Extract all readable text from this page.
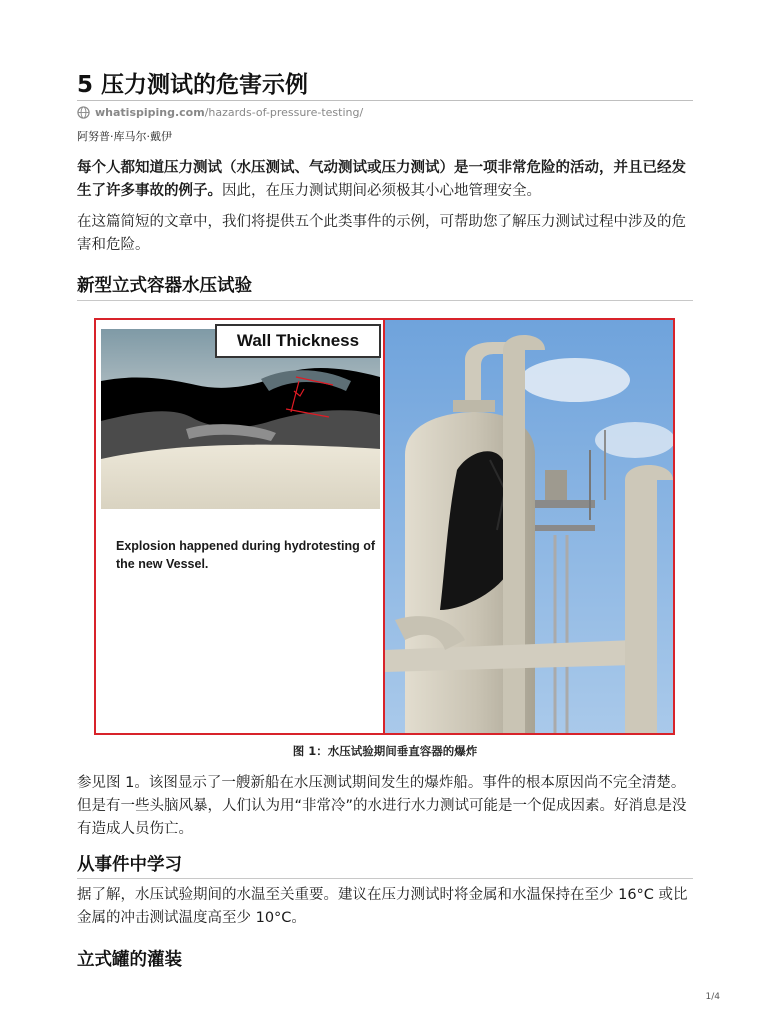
5 压力测试的危害示例
whatispiping.com /hazards-of-pressure-testing/
阿努普·库马尔·戴伊
每个人都知道压力测试（水压测试、气动测试或压力测试）是一项非常危险的活动，并且已经发生了许多事故的例子。因此，在压力测试期间必须极其小心地管理安全。
在这篇简短的文章中，我们将提供五个此类事件的示例，可帮助您了解压力测试过程中涉及的危害和危险。
新型立式容器水压试验
Wall Thickness
Explosion happened during hydrotesting of the new Vessel.
图 1：水压试验期间垂直容器的爆炸
参见图 1。该图显示了一艘新船在水压测试期间发生的爆炸船。事件的根本原因尚不完全清楚。但是有一些头脑风暴，人们认为用“非常冷”的水进行水力测试可能是一个促成因素。好消息是没有造成人员伤亡。
从事件中学习
据了解，水压试验期间的水温至关重要。建议在压力测试时将金属和水温保持在至少 16°C 或比金属的冲击测试温度高至少 10°C。
立式罐的灌装
1/4
